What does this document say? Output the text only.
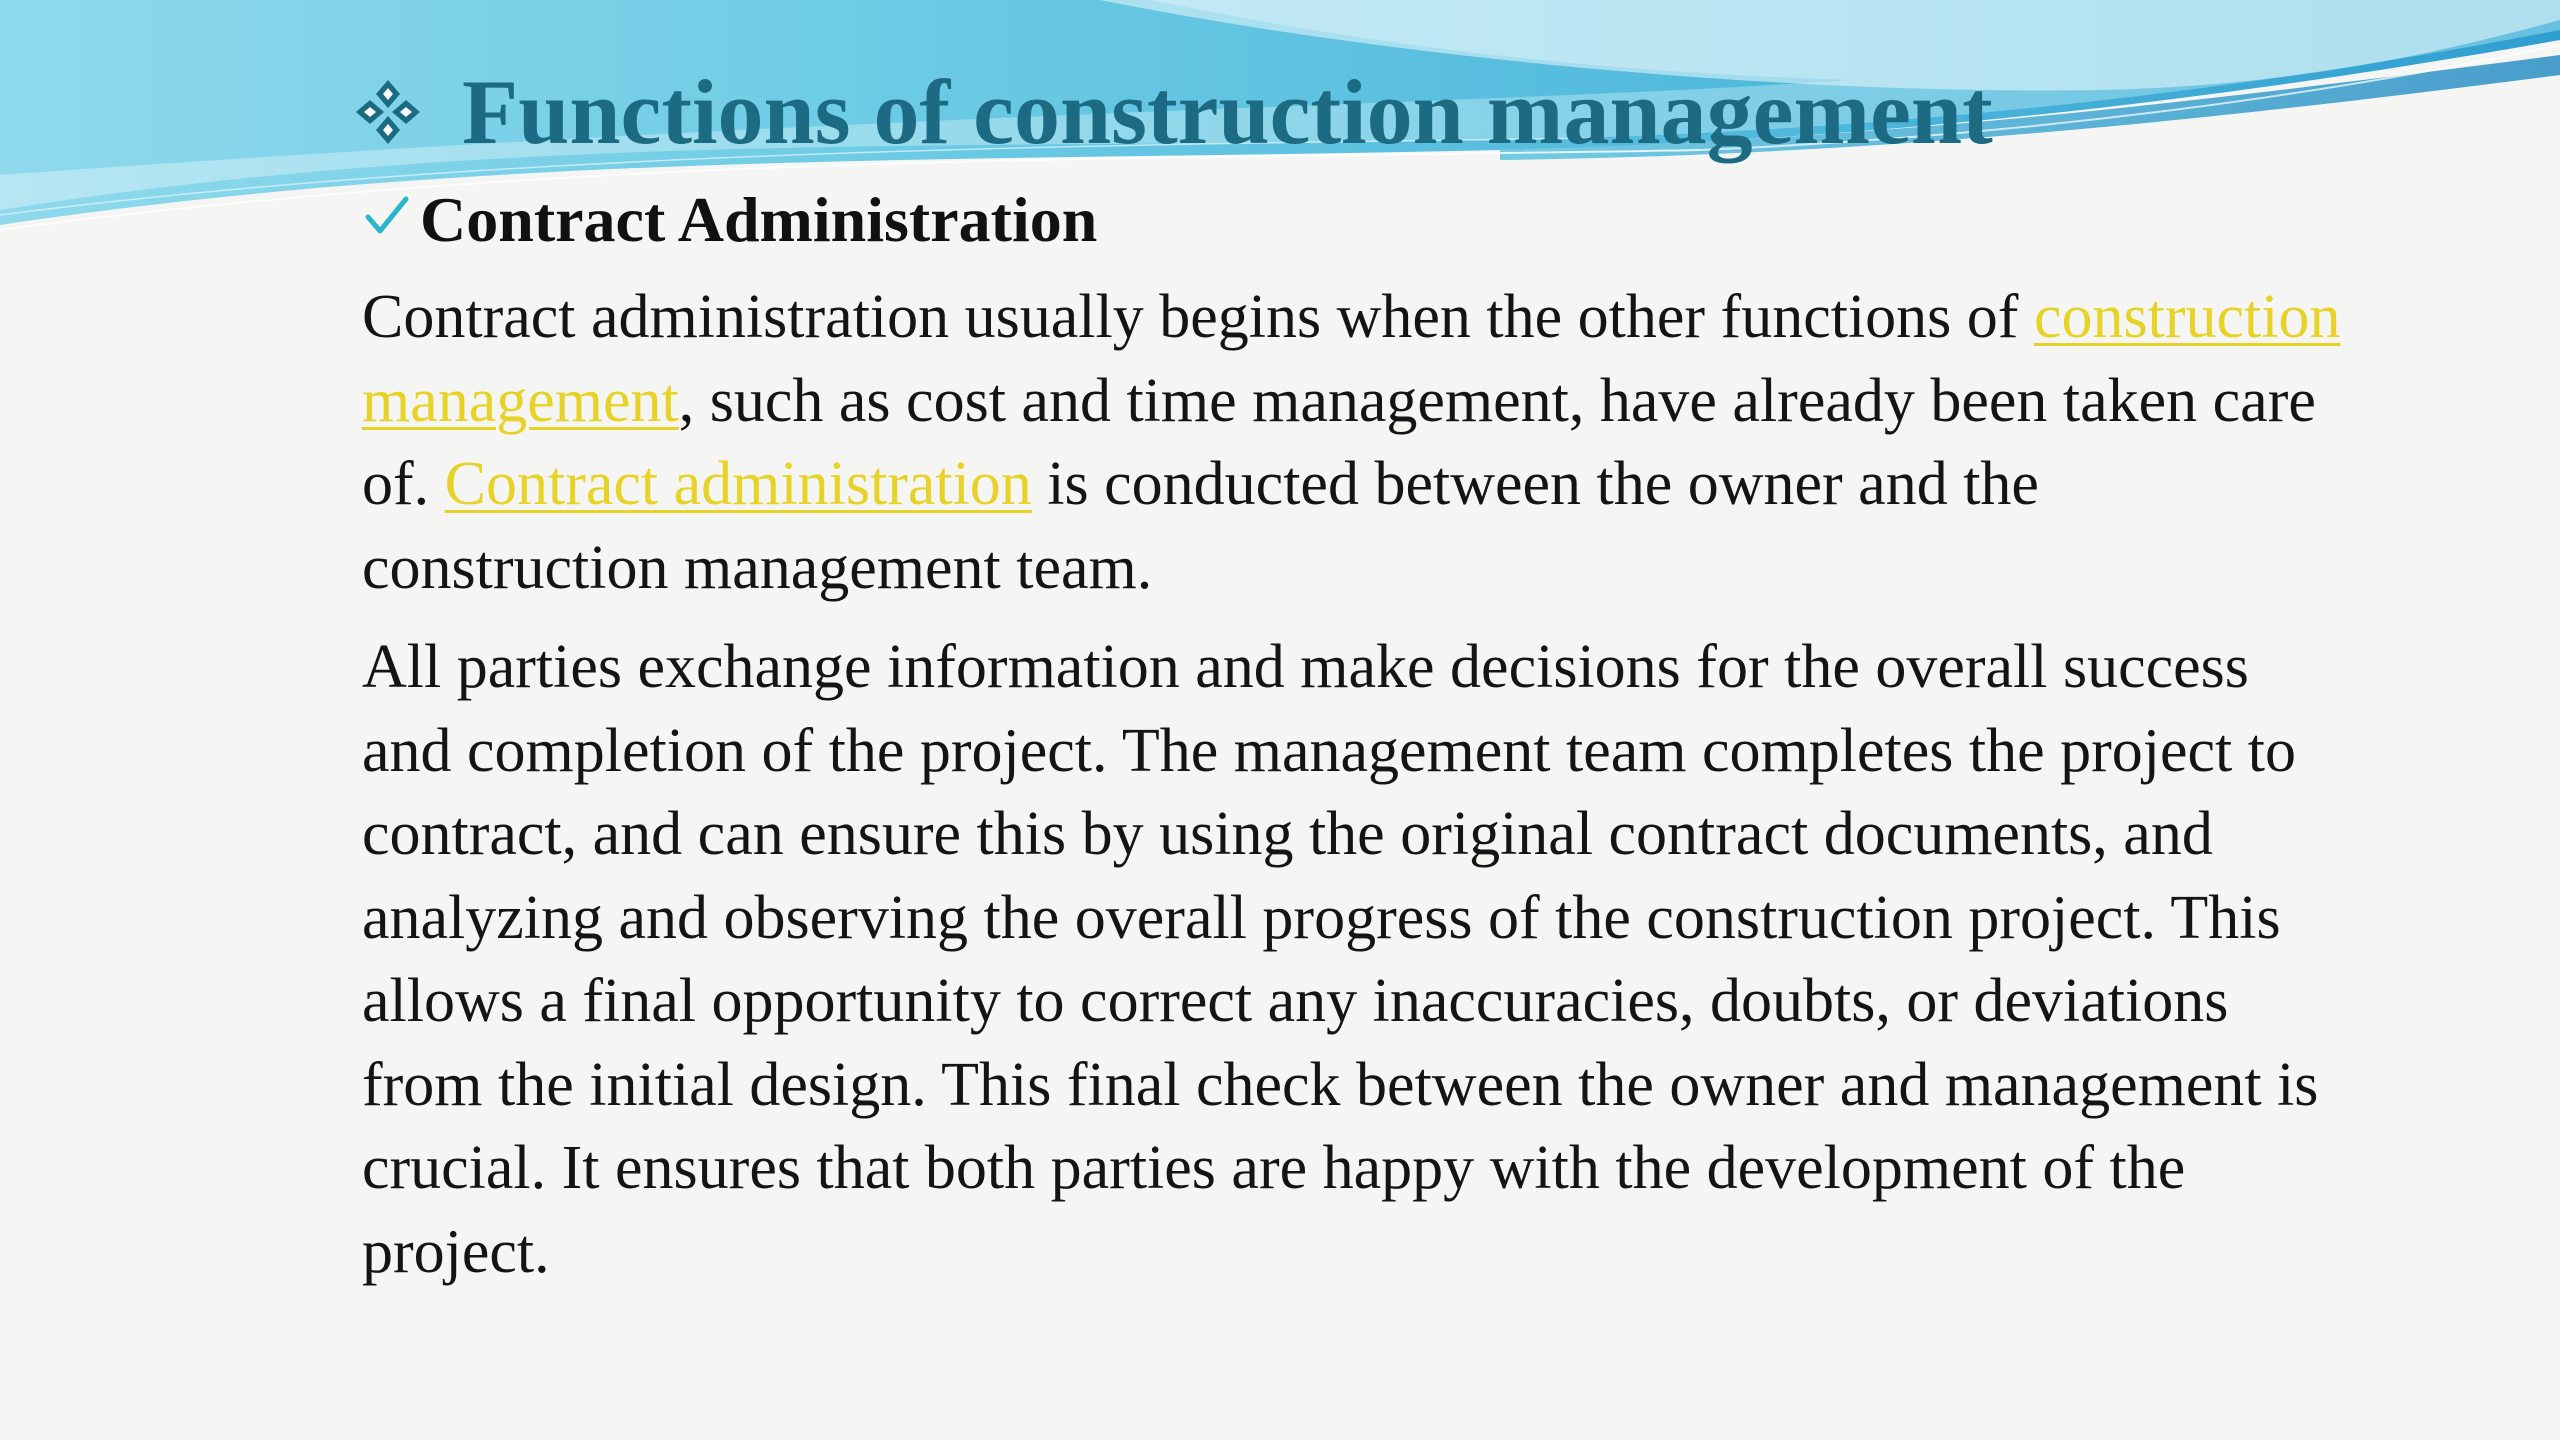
Functions of construction management
Contract Administration

Contract administration usually begins when the other functions of construction management, such as cost and time management, have already been taken care of. Contract administration is conducted between the owner and the construction management team.

All parties exchange information and make decisions for the overall success and completion of the project. The management team completes the project to contract, and can ensure this by using the original contract documents, and analyzing and observing the overall progress of the construction project. This allows a final opportunity to correct any inaccuracies, doubts, or deviations from the initial design. This final check between the owner and management is crucial. It ensures that both parties are happy with the development of the project.
